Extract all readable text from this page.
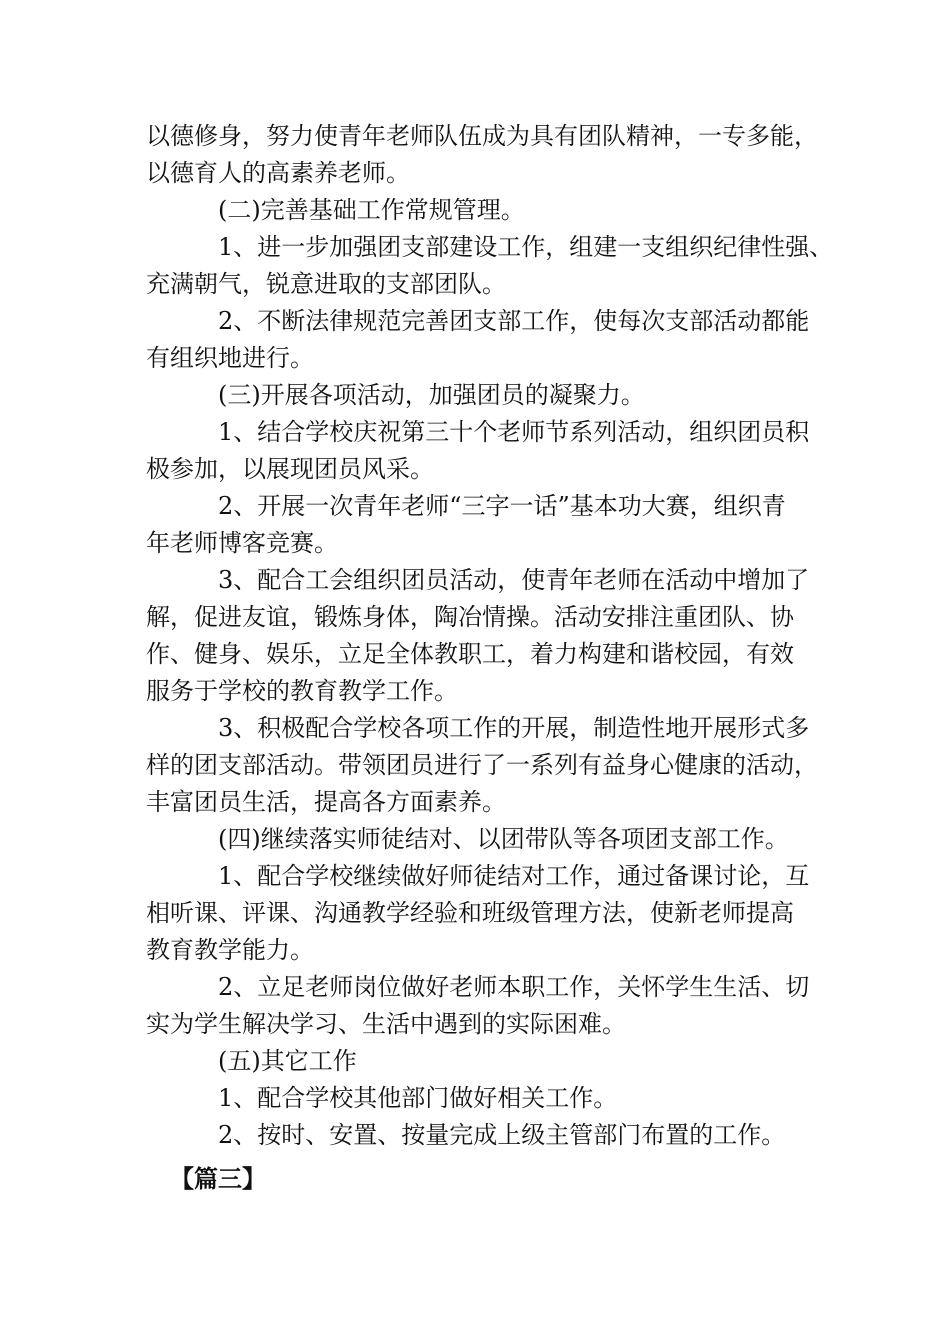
以德修身，努力使青年老师队伍成为具有团队精神，一专多能，
以德育人的高素养老师。
(二)完善基础工作常规管理。
1、进一步加强团支部建设工作，组建一支组织纪律性强、
充满朝气，锐意进取的支部团队。
2、不断法律规范完善团支部工作，使每次支部活动都能
有组织地进行。
(三)开展各项活动，加强团员的凝聚力。
1、结合学校庆祝第三十个老师节系列活动，组织团员积
极参加，以展现团员风采。
2、开展一次青年老师“三字一话”基本功大赛，组织青
年老师博客竞赛。
3、配合工会组织团员活动，使青年老师在活动中增加了
解，促进友谊，锻炼身体，陶冶情操。活动安排注重团队、协
作、健身、娱乐，立足全体教职工，着力构建和谐校园，有效
服务于学校的教育教学工作。
3、积极配合学校各项工作的开展，制造性地开展形式多
样的团支部活动。带领团员进行了一系列有益身心健康的活动，
丰富团员生活，提高各方面素养。
(四)继续落实师徒结对、以团带队等各项团支部工作。
1、配合学校继续做好师徒结对工作，通过备课讨论，互
相听课、评课、沟通教学经验和班级管理方法，使新老师提高
教育教学能力。
2、立足老师岗位做好老师本职工作，关怀学生生活、切
实为学生解决学习、生活中遇到的实际困难。
(五)其它工作
1、配合学校其他部门做好相关工作。
2、按时、安置、按量完成上级主管部门布置的工作。
【篇三】
